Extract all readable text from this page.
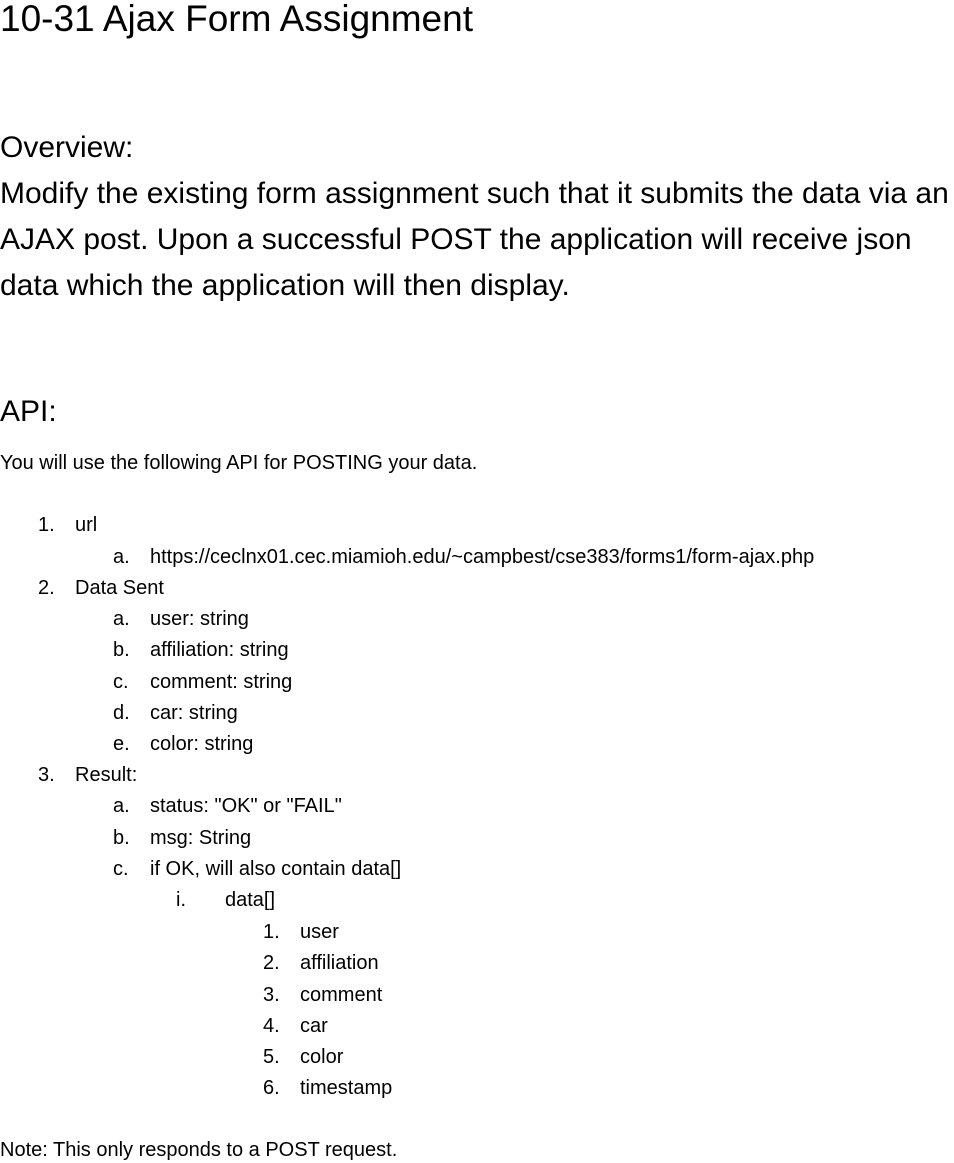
10-31 Ajax Form Assignment
Overview:

Modify the existing form assignment such that it submits the data via an AJAX post. Upon a successful POST the application will receive json data which the application will then display.

API:
You will use the following API for POSTING your data.
1. url
a. https://ceclnx01.cec.miamioh.edu/~campbest/cse383/forms1/form-ajax.php
2. Data Sent
a. user: string
b. affiliation: string
c. comment: string
d. car: string
e. color: string
3. Result:
a. status: "OK" or "FAIL"
b. msg: String
c. if OK, will also contain data[]
i. data[]
1. user
2. affiliation
3. comment
4. car
5. color
6. timestamp
Note: This only responds to a POST request.
